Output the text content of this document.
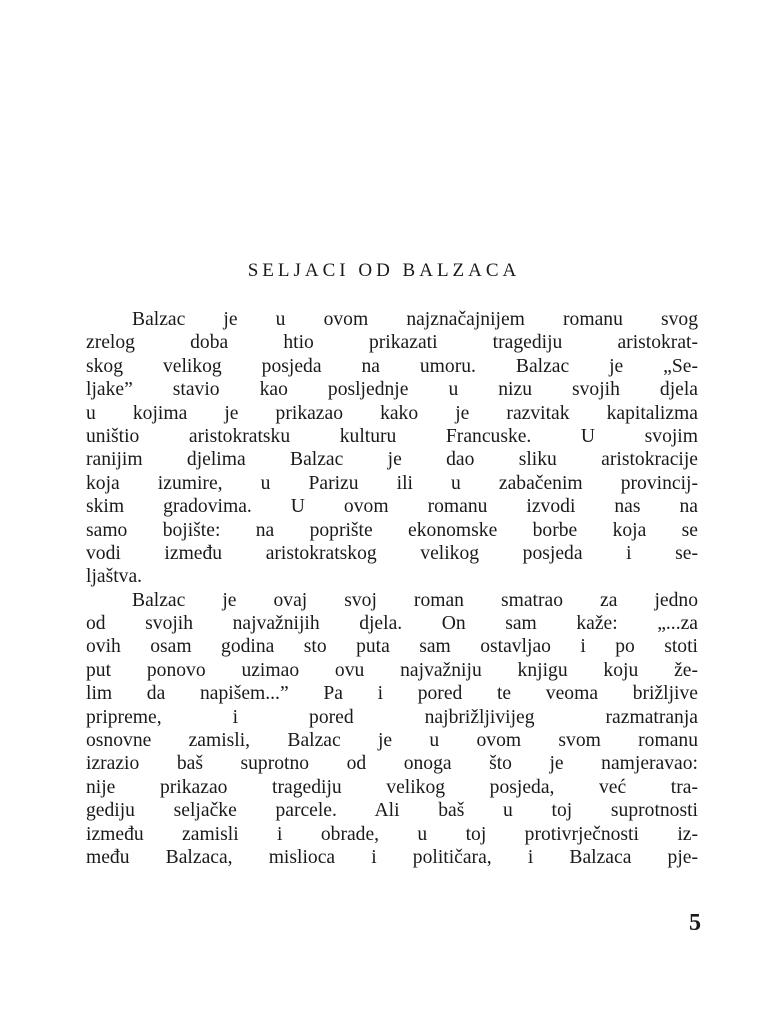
SELJACI OD BALZACA
Balzac je u ovom najznačajnijem romanu svog
zrelog doba htio prikazati tragediju aristokrat-
skog velikog posjeda na umoru. Balzac je „Se-
ljake” stavio kao posljednje u nizu svojih djela
u kojima je prikazao kako je razvitak kapitalizma
uništio aristokratsku kulturu Francuske. U svojim
ranijim djelima Balzac je dao sliku aristokracije
koja izumire, u Parizu ili u zabačenim provincij-
skim gradovima. U ovom romanu izvodi nas na
samo bojište: na poprište ekonomske borbe koja se
vodi između aristokratskog velikog posjeda i se-
ljaštva.
Balzac je ovaj svoj roman smatrao za jedno
od svojih najvažnijih djela. On sam kaže: „...za
ovih osam godina sto puta sam ostavljao i po stoti
put ponovo uzimao ovu najvažniju knjigu koju že-
lim da napišem...” Pa i pored te veoma brižljive
pripreme, i pored najbrižljivijeg razmatranja
osnovne zamisli, Balzac je u ovom svom romanu
izrazio baš suprotno od onoga što je namjeravao:
nije prikazao tragediju velikog posjeda, već tra-
gediju seljačke parcele. Ali baš u toj suprotnosti
između zamisli i obrade, u toj protivrječnosti iz-
među Balzaca, mislioca i političara, i Balzaca pje-
5
